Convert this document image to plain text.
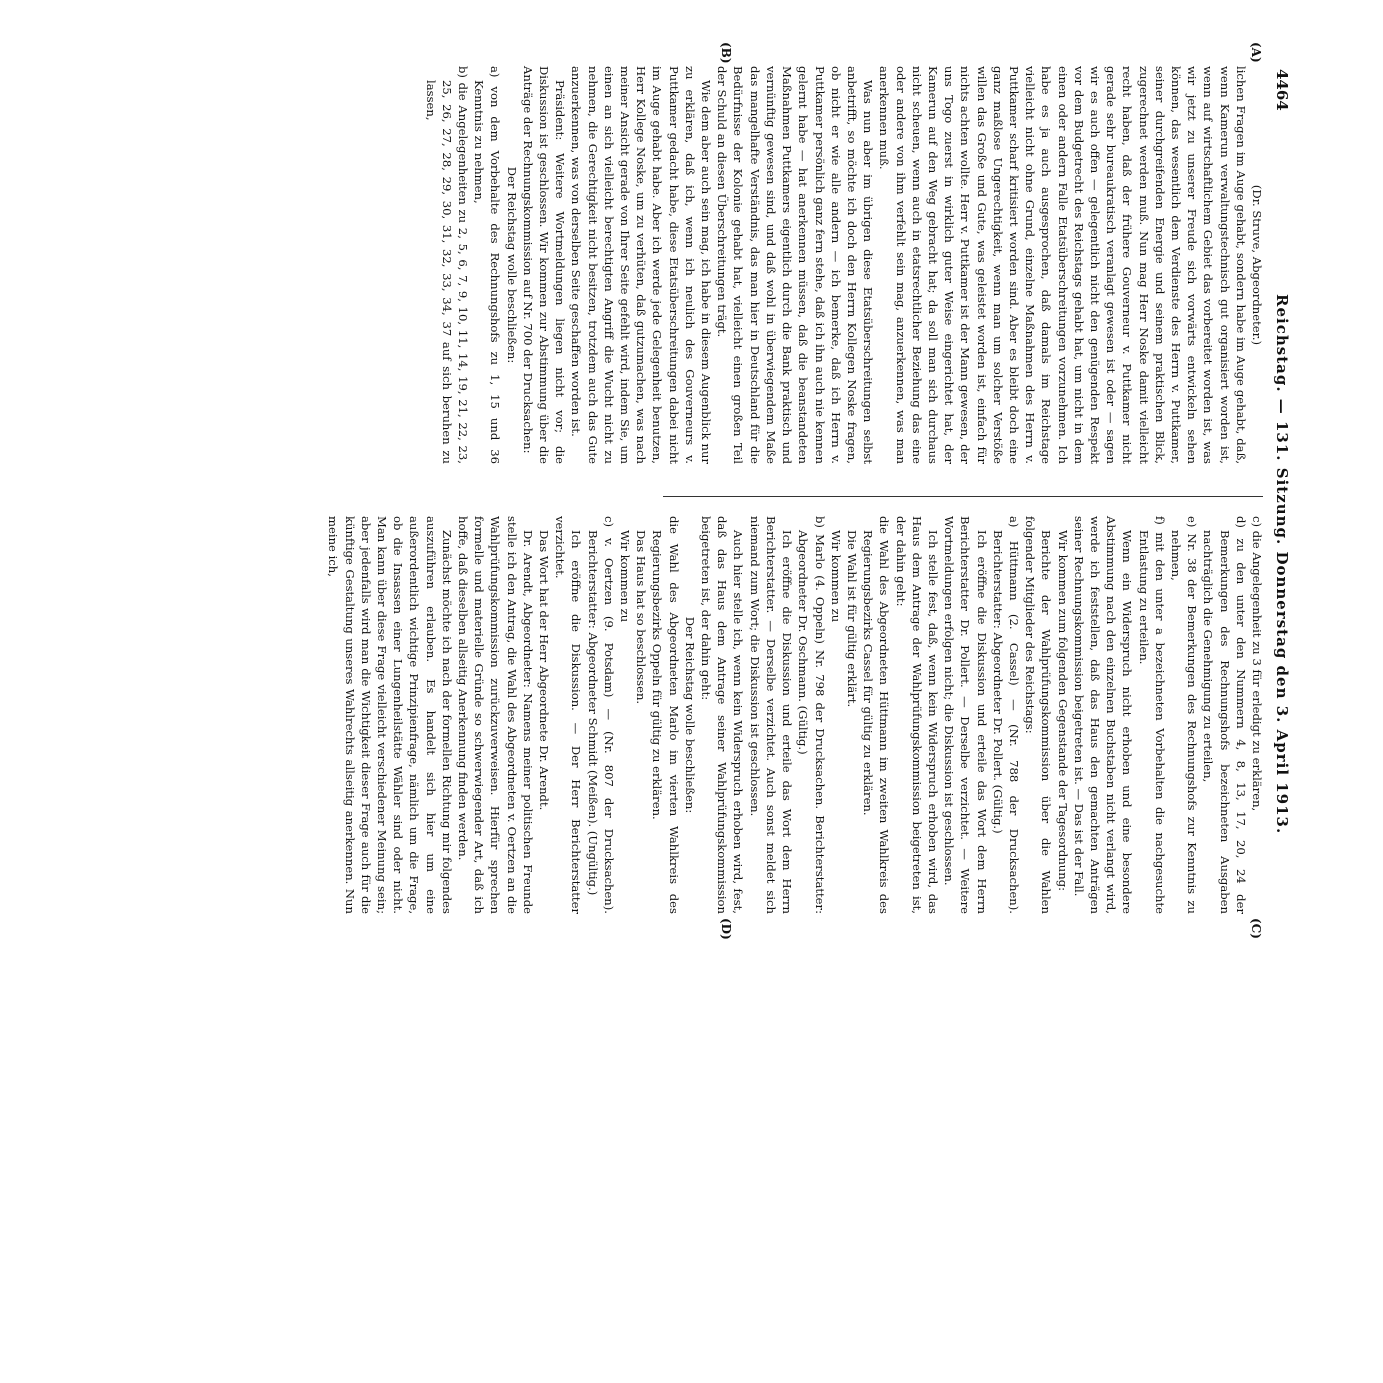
4464
Reichstag. — 131. Sitzung. Donnerstag den 3. April 1913.
(A)
(B)
(C)
(D)

(Dr. Struve, Abgeordneter.)

lichen Fragen im Auge gehabt, sondern habe im Auge gehabt, daß, wenn Kamerun verwaltungstechnisch gut organisiert worden ist, wenn auf wirtschaftlichem Gebiet das vorbereitet worden ist, was wir jetzt zu unserer Freude sich vorwärts entwickeln sehen können, das wesentlich dem Verdienste des Herrn v. Puttkamer, seiner durchgreifenden Energie und seinem praktischen Blick, zugerechnet werden muß. Nun mag Herr Noske damit vielleicht recht haben, daß der frühere Gouverneur v. Puttkamer nicht gerade sehr bureaukratisch veranlagt gewesen ist oder — sagen wir es auch offen — gelegentlich nicht den genügenden Respekt vor dem Budgetrecht des Reichstags gehabt hat, um nicht in dem einen oder andern Falle Etatsüberschreitungen vorzunehmen. Ich habe es ja auch ausgesprochen, daß damals im Reichstage vielleicht nicht ohne Grund, einzelne Maßnahmen des Herrn v. Puttkamer scharf kritisiert worden sind. Aber es bleibt doch eine ganz maßlose Ungerechtigkeit, wenn man um solcher Verstöße willen das Große und Gute, was geleistet worden ist, einfach für nichts achten wollte. Herr v. Puttkamer ist der Mann gewesen, der uns Togo zuerst in wirklich guter Weise eingerichtet hat, der Kamerun auf den Weg gebracht hat; da soll man sich durchaus nicht scheuen, wenn auch in etatsrechtlicher Beziehung das eine oder andere von ihm verfehlt sein mag, anzuerkennen, was man anerkennen muß.

Was nun aber im übrigen diese Etatsüberschreitungen selbst anbetrifft, so möchte ich doch den Herrn Kollegen Noske fragen, ob nicht er wie alle andern — ich bemerke, daß ich Herrn v. Puttkamer persönlich ganz fern stehe, daß ich ihn auch nie kennen gelernt habe — hat anerkennen müssen, daß die beanstandeten Maßnahmen Puttkamers eigentlich durch die Bank praktisch und vernünftig gewesen sind, und daß wohl in überwiegendem Maße das mangelhafte Verständnis, das man hier in Deutschland für die Bedürfnisse der Kolonie gehabt hat, vielleicht einen großen Teil der Schuld an diesen Überschreitungen trägt.

Wie dem aber auch sein mag, ich habe in diesem Augenblick nur zu erklären, daß ich, wenn ich neulich des Gouverneurs v. Puttkamer gedacht habe, diese Etatsüberschreitungen dabei nicht im Auge gehabt habe. Aber ich werde jede Gelegenheit benutzen, Herr Kollege Noske, um zu verhüten, daß gutzumachen, was nach meiner Ansicht gerade von Ihrer Seite gefehlt wird, indem Sie, um einen an sich vielleicht berechtigten Angriff die Wucht nicht zu nehmen, die Gerechtigkeit nicht besitzen, trotzdem auch das Gute anzuerkennen, was von derselben Seite geschaffen worden ist.

Präsident: Weitere Wortmeldungen liegen nicht vor; die Diskussion ist geschlossen. Wir kommen zur Abstimmung über die Anträge der Rechnungskommission auf Nr. 700 der Drucksachen:

Der Reichstag wolle beschließen:

a) von dem Vorbehalte des Rechnungshofs zu 1, 15 und 36 Kenntnis zu nehmen,

b) die Angelegenheiten zu 2, 5, 6, 7, 9, 10, 11, 14, 19, 21, 22, 23, 25, 26, 27, 28, 29, 30, 31, 32, 33, 34, 37 auf sich beruhen zu lassen,

c) die Angelegenheit zu 3 für erledigt zu erklären,

d) zu den unter den Nummern 4, 8, 13, 17, 20, 24 der Bemerkungen des Rechnungshofs bezeichneten Ausgaben nachträglich die Genehmigung zu erteilen,

e) Nr. 38 der Bemerkungen des Rechnungshofs zur Kenntnis zu nehmen,

f) mit den unter a bezeichneten Vorbehalten die nachgesuchte Entlastung zu erteilen.

Wenn ein Widerspruch nicht erhoben und eine besondere Abstimmung nach den einzelnen Buchstaben nicht verlangt wird, werde ich feststellen, daß das Haus den gemachten Anträgen seiner Rechnungskommission beigetreten ist. — Das ist der Fall.

Wir kommen zum folgenden Gegenstande der Tagesordnung:

Berichte der Wahlprüfungskommission über die Wahlen folgender Mitglieder des Reichstags:

a) Hüttmann (2. Cassel) — (Nr. 788 der Drucksachen). Berichterstatter: Abgeordneter Dr. Pollert. (Gültig.)

Ich eröffne die Diskussion und erteile das Wort dem Herrn Berichterstatter Dr. Pollert. — Derselbe verzichtet. — Weitere Wortmeldungen erfolgen nicht; die Diskussion ist geschlossen.

Ich stelle fest, daß, wenn kein Widerspruch erhoben wird, das Haus dem Antrage der Wahlprüfungskommission beigetreten ist, der dahin geht:

die Wahl des Abgeordneten Hüttmann im zweiten Wahlkreis des Regierungsbezirks Cassel für gültig zu erklären.

Die Wahl ist für gültig erklärt.

Wir kommen zu

b) Marlo (4. Oppeln) Nr. 798 der Drucksachen. Berichterstatter: Abgeordneter Dr. Oschmann. (Gültig.)

Ich eröffne die Diskussion und erteile das Wort dem Herrn Berichterstatter. — Derselbe verzichtet. Auch sonst meldet sich niemand zum Wort; die Diskussion ist geschlossen.

Auch hier stelle ich, wenn kein Widerspruch erhoben wird, fest, daß das Haus dem Antrage seiner Wahlprüfungskommission beigetreten ist, der dahin geht:

Der Reichstag wolle beschließen:

die Wahl des Abgeordneten Marlo im vierten Wahlkreis des Regierungsbezirks Oppeln für gültig zu erklären.

Das Haus hat so beschlossen.

Wir kommen zu

c) v. Oertzen (9. Potsdam) — (Nr. 807 der Drucksachen). Berichterstatter: Abgeordneter Schmidt (Meißen). (Ungültig.)

Ich eröffne die Diskussion. — Der Herr Berichterstatter verzichtet.

Das Wort hat der Herr Abgeordnete Dr. Arendt.

Dr. Arendt, Abgeordneter: Namens meiner politischen Freunde stelle ich den Antrag, die Wahl des Abgeordneten v. Oertzen an die Wahlprüfungskommission zurückzuverweisen. Hierfür sprechen formelle und materielle Gründe so schwerwiegender Art, daß ich hoffe, daß dieselben allseitig Anerkennung finden werden.

Zunächst möchte ich nach der formellen Richtung mir folgendes auszuführen erlauben. Es handelt sich hier um eine außerordentlich wichtige Prinzipienfrage, nämlich um die Frage, ob die Insassen einer Lungenheilstätte Wähler sind oder nicht. Man kann über diese Frage vielleicht verschiedener Meinung sein; aber jedenfalls wird man die Wichtigkeit dieser Frage auch für die künftige Gestaltung unseres Wahlrechts allseitig anerkennen. Nun meine ich,
